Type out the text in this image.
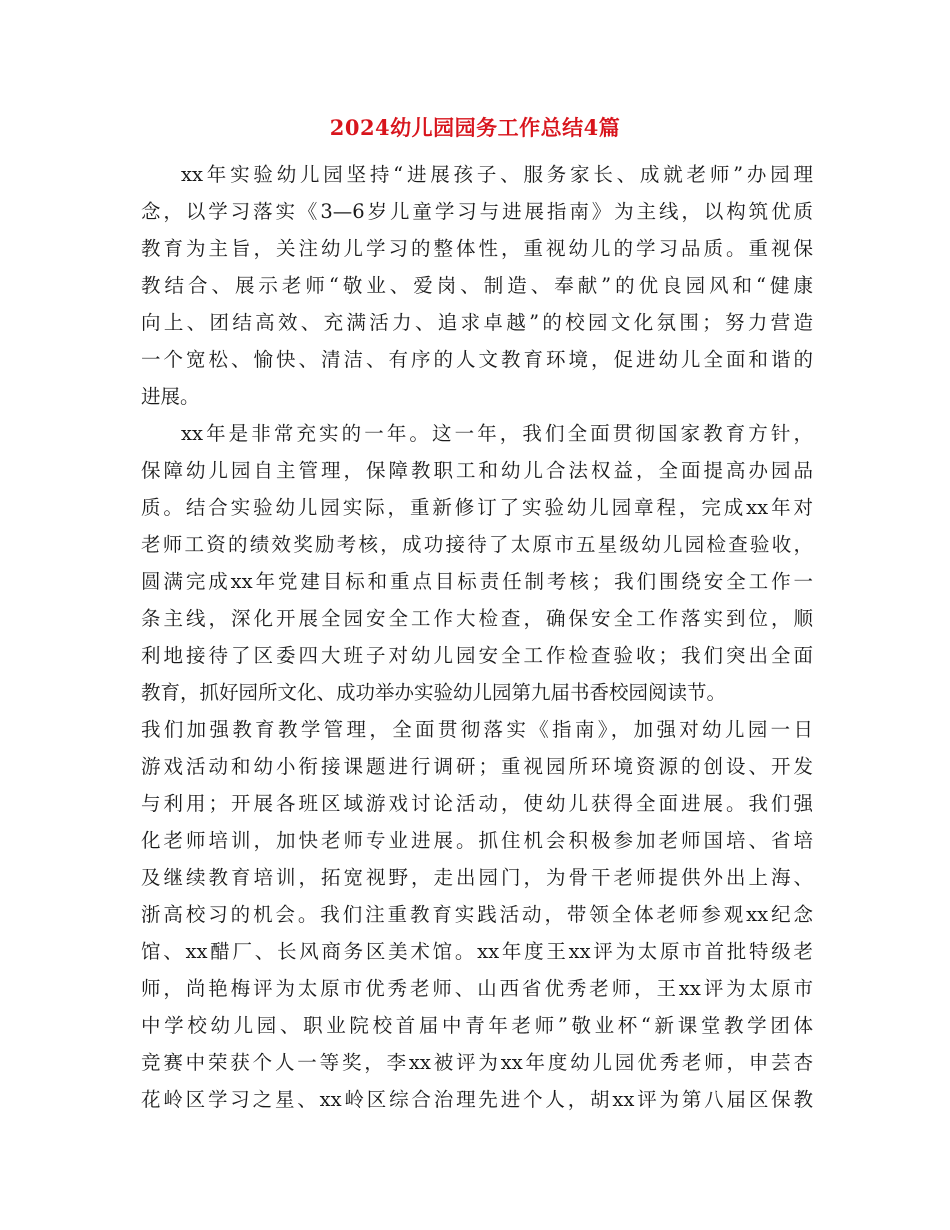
2024幼儿园园务工作总结4篇
xx年实验幼儿园坚持“进展孩子、服务家长、成就老师”办园理
念，以学习落实《3—6岁儿童学习与进展指南》为主线，以构筑优质
教育为主旨，关注幼儿学习的整体性，重视幼儿的学习品质。重视保
教结合、展示老师“敬业、爱岗、制造、奉献”的优良园风和“健康
向上、团结高效、充满活力、追求卓越”的校园文化氛围；努力营造
一个宽松、愉快、清洁、有序的人文教育环境，促进幼儿全面和谐的
进展。
xx年是非常充实的一年。这一年，我们全面贯彻国家教育方针，
保障幼儿园自主管理，保障教职工和幼儿合法权益，全面提高办园品
质。结合实验幼儿园实际，重新修订了实验幼儿园章程，完成xx年对
老师工资的绩效奖励考核，成功接待了太原市五星级幼儿园检查验收，
圆满完成xx年党建目标和重点目标责任制考核；我们围绕安全工作一
条主线，深化开展全园安全工作大检查，确保安全工作落实到位，顺
利地接待了区委四大班子对幼儿园安全工作检查验收；我们突出全面
教育，抓好园所文化、成功举办实验幼儿园第九届书香校园阅读节。
我们加强教育教学管理，全面贯彻落实《指南》，加强对幼儿园一日
游戏活动和幼小衔接课题进行调研；重视园所环境资源的创设、开发
与利用；开展各班区域游戏讨论活动，使幼儿获得全面进展。我们强
化老师培训，加快老师专业进展。抓住机会积极参加老师国培、省培
及继续教育培训，拓宽视野，走出园门，为骨干老师提供外出上海、
浙高校习的机会。我们注重教育实践活动，带领全体老师参观xx纪念
馆、xx醋厂、长风商务区美术馆。xx年度王xx评为太原市首批特级老
师，尚艳梅评为太原市优秀老师、山西省优秀老师，王xx评为太原市
中学校幼儿园、职业院校首届中青年老师”敬业杯“新课堂教学团体
竞赛中荣获个人一等奖，李xx被评为xx年度幼儿园优秀老师，申芸杏
花岭区学习之星、xx岭区综合治理先进个人，胡xx评为第八届区保教
